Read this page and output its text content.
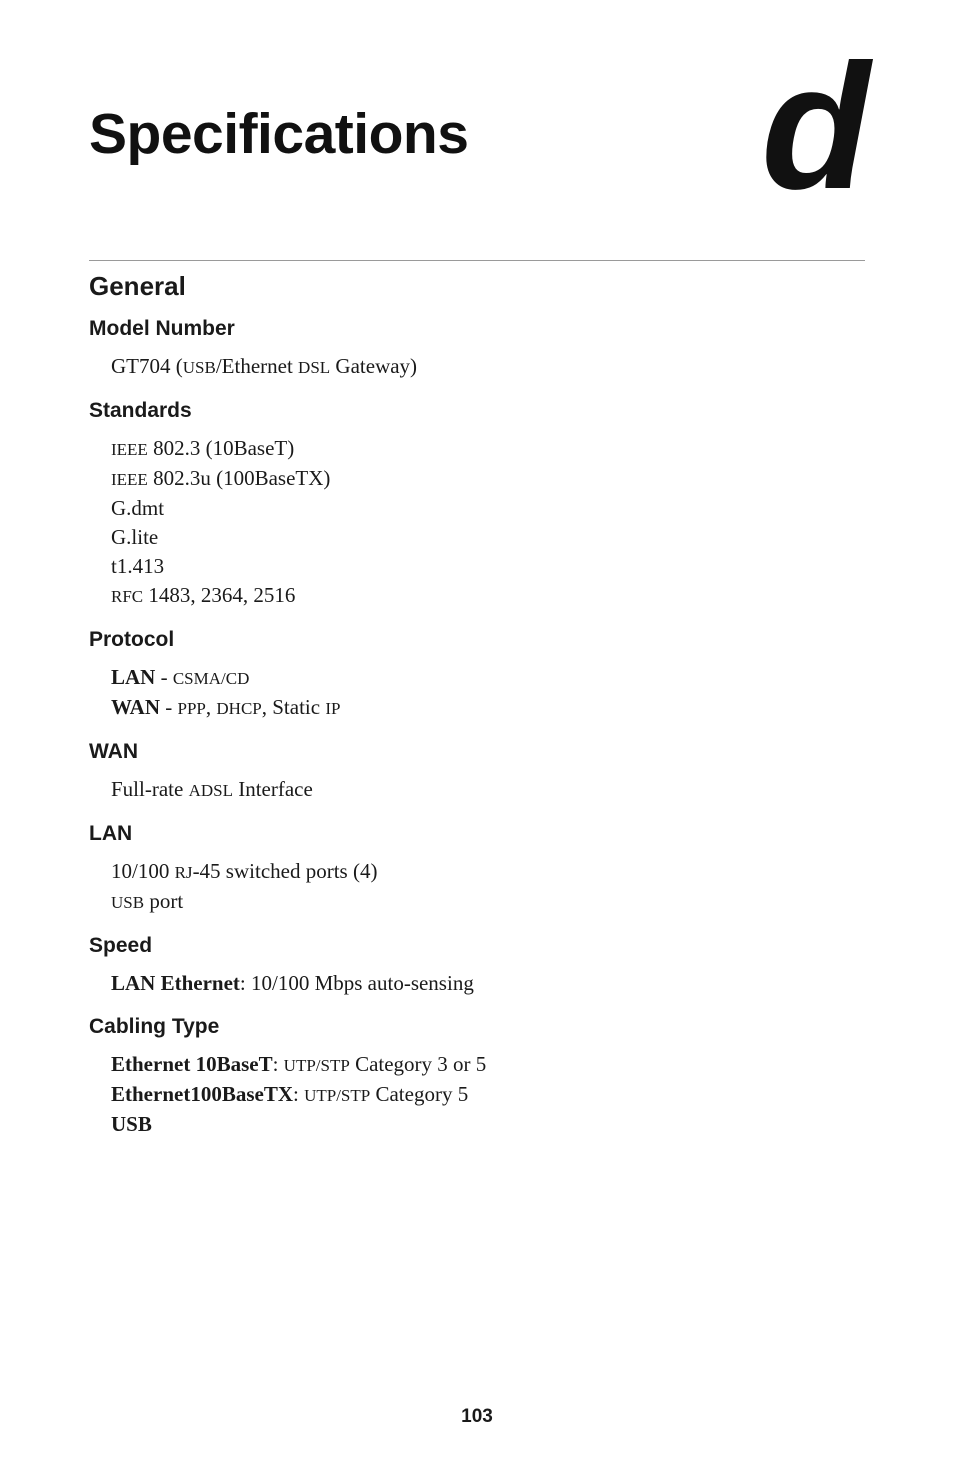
Specifications d
General
Model Number
GT704 (USB/Ethernet DSL Gateway)
Standards
IEEE 802.3 (10BaseT)
IEEE 802.3u (100BaseTX)
G.dmt
G.lite
t1.413
RFC 1483, 2364, 2516
Protocol
LAN - CSMA/CD
WAN - PPP, DHCP, Static IP
WAN
Full-rate ADSL Interface
LAN
10/100 RJ-45 switched ports (4)
USB port
Speed
LAN Ethernet: 10/100 Mbps auto-sensing
Cabling Type
Ethernet 10BaseT: UTP/STP Category 3 or 5
Ethernet100BaseTX: UTP/STP Category 5
USB
103
